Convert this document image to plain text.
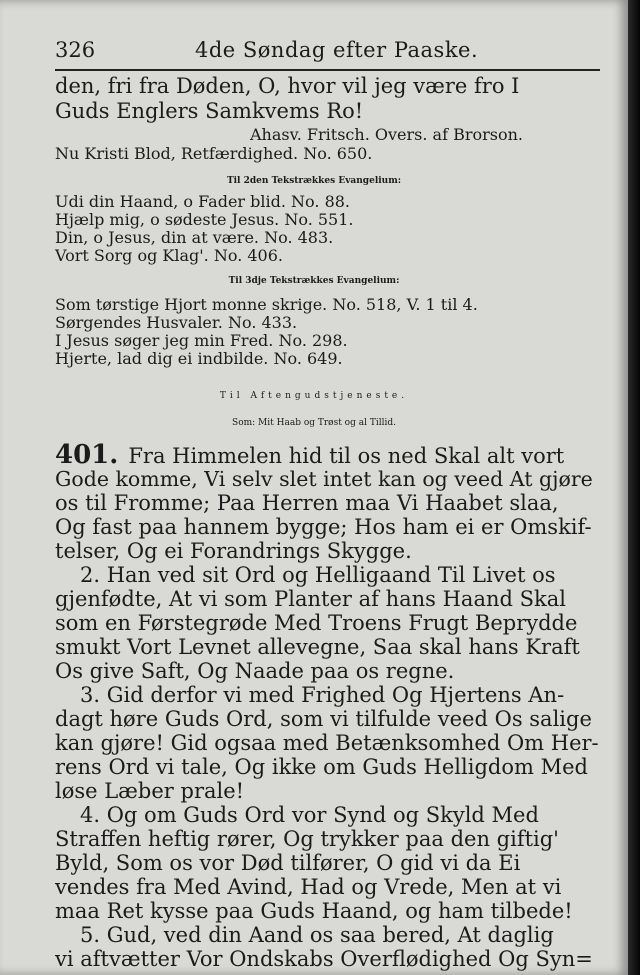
326	4de Søndag efter Paaske.
den, fri fra Døden, O, hvor vil jeg være fro I
Guds Englers Samkvems Ro!
Ahasv. Fritsch. Overs. af Brorson.
Nu Kristi Blod, Retfærdighed. No. 650.
Til 2den Tekstrækkes Evangelium:
Udi din Haand, o Fader blid. No. 88.
Hjælp mig, o sødeste Jesus. No. 551.
Din, o Jesus, din at være. No. 483.
Vort Sorg og Klag'. No. 406.
Til 3dje Tekstrækkes Evangelium:
Som tørstige Hjort monne skrige. No. 518, V. 1 til 4.
Sørgendes Husvaler. No. 433.
I Jesus søger jeg min Fred. No. 298.
Hjerte, lad dig ei indbilde. No. 649.
Til Aftengudstjeneste.
Som: Mit Haab og Trøst og al Tillid.
401. Fra Himmelen hid til os ned Skal alt vort
Gode komme, Vi selv slet intet kan og veed At gjøre
os til Fromme; Paa Herren maa Vi Haabet slaa,
Og fast paa hannem bygge; Hos ham ei er Omskif-
telser, Og ei Forandrings Skygge.
2. Han ved sit Ord og Helligaand Til Livet os
gjenfødte, At vi som Planter af hans Haand Skal
som en Førstegrøde Med Troens Frugt Beprydde
smukt Vort Levnet allevegne, Saa skal hans Kraft
Os give Saft, Og Naade paa os regne.
3. Gid derfor vi med Frighed Og Hjertens An-
dagt høre Guds Ord, som vi tilfulde veed Os salige
kan gjøre! Gid ogsaa med Betænksomhed Om Her-
rens Ord vi tale, Og ikke om Guds Helligdom Med
løse Læber prale!
4. Og om Guds Ord vor Synd og Skyld Med
Straffen heftig rører, Og trykker paa den giftig'
Byld, Som os vor Død tilfører, O gid vi da Ei
vendes fra Med Avind, Had og Vrede, Men at vi
maa Ret kysse paa Guds Haand, og ham tilbede!
5. Gud, ved din Aand os saa bered, At daglig
vi aftvætter Vor Ondskabs Overflødighed Og Syn=
